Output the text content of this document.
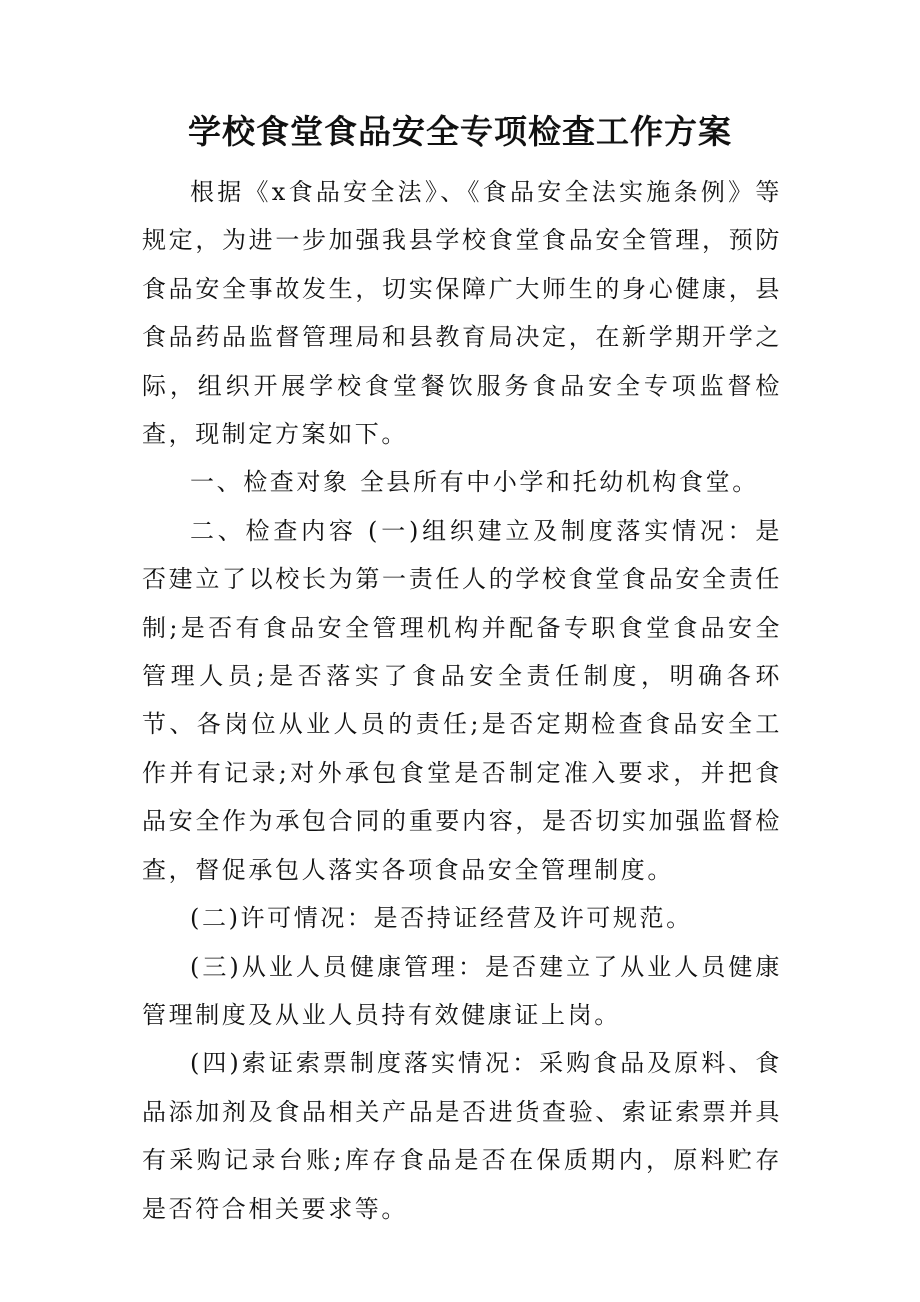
学校食堂食品安全专项检查工作方案

根据《x食品安全法》、《食品安全法实施条例》等规定，为进一步加强我县学校食堂食品安全管理，预防食品安全事故发生，切实保障广大师生的身心健康，县食品药品监督管理局和县教育局决定，在新学期开学之际，组织开展学校食堂餐饮服务食品安全专项监督检查，现制定方案如下。

一、检查对象 全县所有中小学和托幼机构食堂。

二、检查内容 (一)组织建立及制度落实情况：是否建立了以校长为第一责任人的学校食堂食品安全责任制;是否有食品安全管理机构并配备专职食堂食品安全管理人员;是否落实了食品安全责任制度，明确各环节、各岗位从业人员的责任;是否定期检查食品安全工作并有记录;对外承包食堂是否制定准入要求，并把食品安全作为承包合同的重要内容，是否切实加强监督检查，督促承包人落实各项食品安全管理制度。

(二)许可情况：是否持证经营及许可规范。

(三)从业人员健康管理：是否建立了从业人员健康管理制度及从业人员持有效健康证上岗。

(四)索证索票制度落实情况：采购食品及原料、食品添加剂及食品相关产品是否进货查验、索证索票并具有采购记录台账;库存食品是否在保质期内，原料贮存是否符合相关要求等。
